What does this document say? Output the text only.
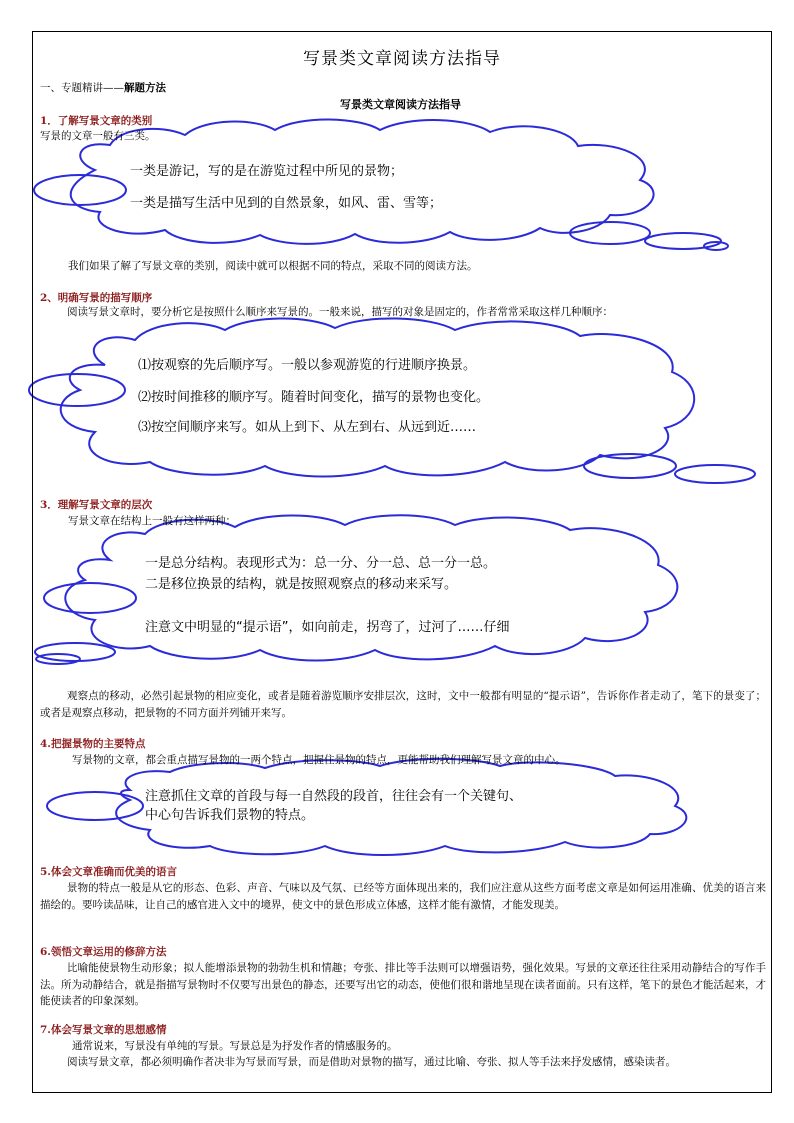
写景类文章阅读方法指导
一、专题精讲——解题方法
写景类文章阅读方法指导
1．了解写景文章的类别
写景的文章一般有三类。
一类是游记，写的是在游览过程中所见的景物；
一类是描写生活中见到的自然景象，如风、雷、雪等；
我们如果了解了写景文章的类别，阅读中就可以根据不同的特点，采取不同的阅读方法。
2、明确写景的描写顺序
阅读写景文章时，要分析它是按照什么顺序来写景的。一般来说，描写的对象是固定的，作者常常采取这样几种顺序：
⑴按观察的先后顺序写。一般以参观游览的行进顺序换景。
⑵按时间推移的顺序写。随着时间变化，描写的景物也变化。
⑶按空间顺序来写。如从上到下、从左到右、从远到近……
3．理解写景文章的层次
写景文章在结构上一般有这样两种：
一是总分结构。表现形式为：总一分、分一总、总一分一总。
二是移位换景的结构，就是按照观察点的移动来采写。
注意文中明显的“提示语”，如向前走，拐弯了，过河了……仔细
观察点的移动，必然引起景物的相应变化，或者是随着游览顺序安排层次，这时，文中一般都有明显的“提示语”，告诉你作者走动了，笔下的景变了；或者是观察点移动，把景物的不同方面并列铺开来写。
4.把握景物的主要特点
写景物的文章，都会重点描写景物的一两个特点，把握住景物的特点，更能帮助我们理解写景文章的中心。
注意抓住文章的首段与每一自然段的段首，往往会有一个关键句、
中心句告诉我们景物的特点。
5.体会文章准确而优美的语言
景物的特点一般是从它的形态、色彩、声音、气味以及气氛、已经等方面体现出来的，我们应注意从这些方面考虑文章是如何运用准确、优美的语言来描绘的。要吟读品味，让自己的感官进入文中的境界，使文中的景色形成立体感，这样才能有激情，才能发现美。
6.领悟文章运用的修辞方法
比喻能使景物生动形象；拟人能增添景物的勃勃生机和情趣；夸张、排比等手法则可以增强语势，强化效果。写景的文章还往往采用动静结合的写作手法。所为动静结合，就是指描写景物时不仅要写出景色的静态，还要写出它的动态，使他们很和谐地呈现在读者面前。只有这样，笔下的景色才能活起来，才能使读者的印象深刻。
7.体会写景文章的思想感情
通常说来，写景没有单纯的写景。写景总是为抒发作者的情感服务的。
阅读写景文章，都必须明确作者决非为写景而写景，而是借助对景物的描写，通过比喻、夸张、拟人等手法来抒发感情，感染读者。
